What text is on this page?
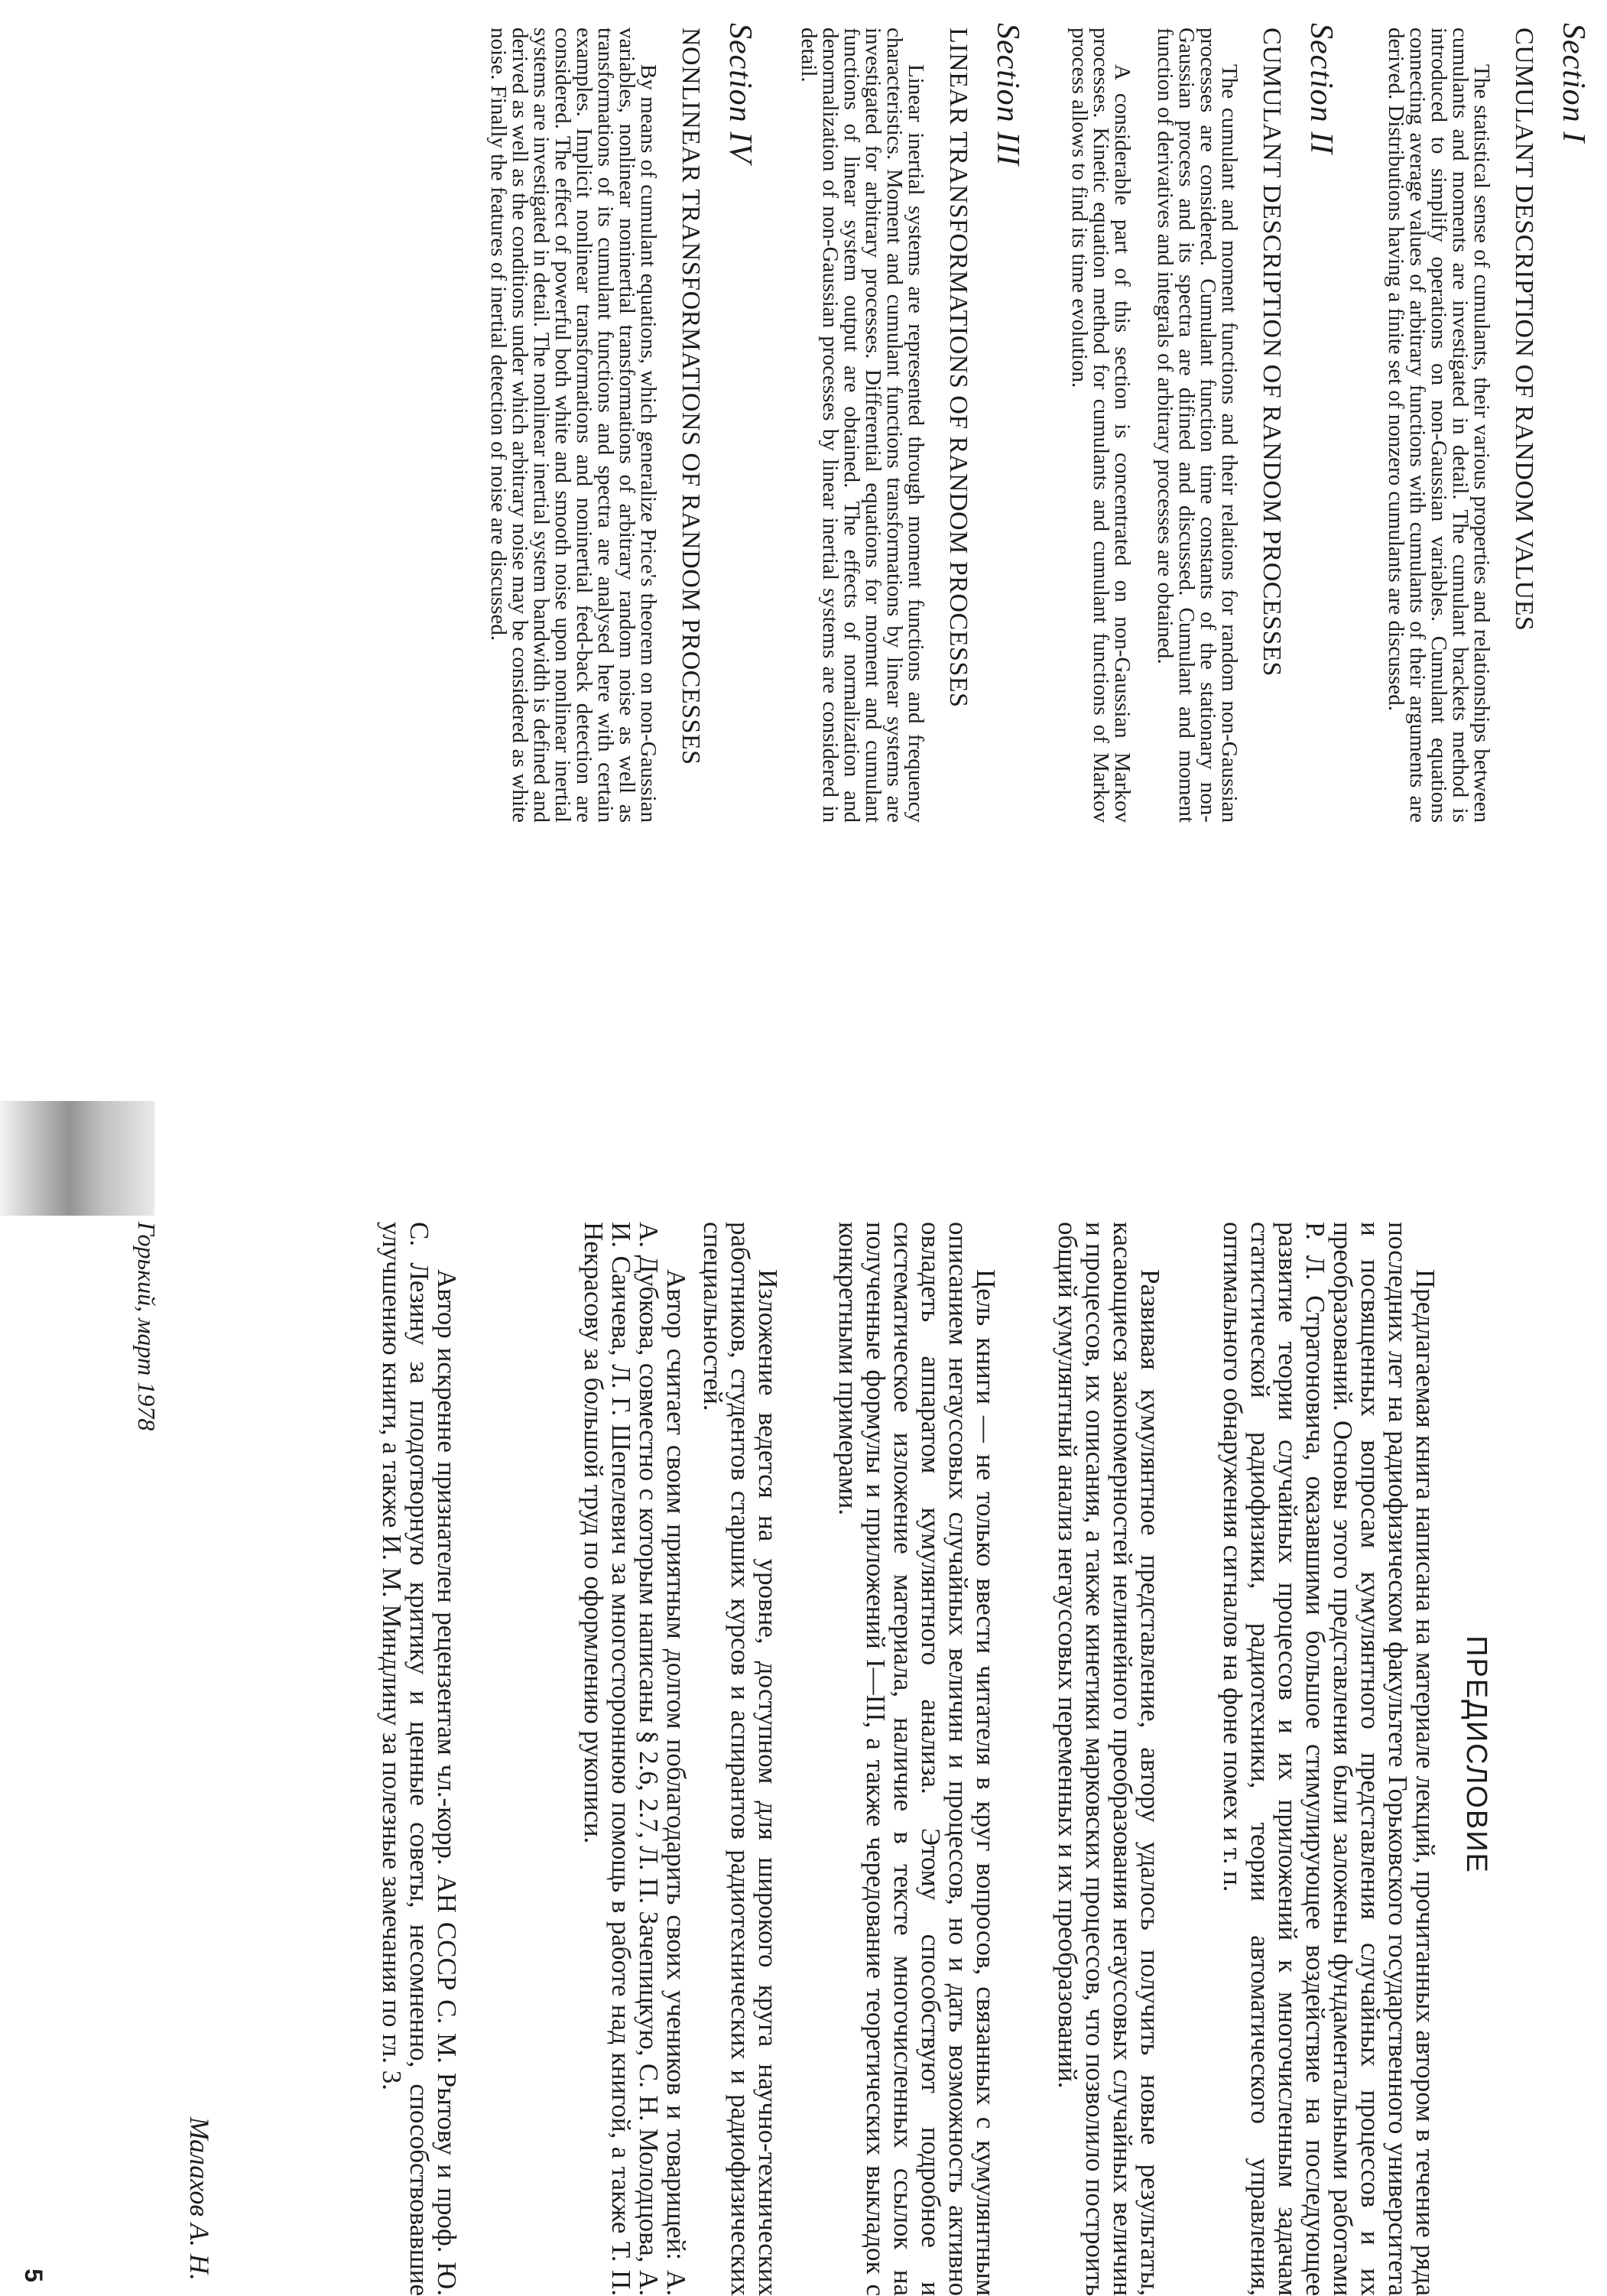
Section I
CUMULANT DESCRIPTION OF RANDOM VALUES

The statistical sense of cumulants, their various properties and relationships between cumulants and moments are investigated in detail. The cumulant brackets method is introduced to simplify operations on non-Gaussian variables. Cumulant equations connecting average values of arbitrary functions with cumulants of their arguments are derived. Distributions having a finite set of nonzero cumulants are discussed.

Section II
CUMULANT DESCRIPTION OF RANDOM PROCESSES

The cumulant and moment functions and their relations for random non-Gaussian processes are considered. Cumulant function time constants of the stationary non-Gaussian process and its spectra are difined and discussed. Cumulant and moment function of derivatives and integrals of arbitrary processes are obtained.

A considerable part of this section is concentrated on non-Gaussian Markov processes. Kinetic equation method for cumulants and cumulant functions of Markov process allows to find its time evolution.

Section III
LINEAR TRANSFORMATIONS OF RANDOM PROCESSES

Linear inertial systems are represented through moment functions and frequency characteristics. Moment and cumulant functions transformations by linear systems are investigated for arbitrary processes. Differential equations for moment and cumulant functions of linear system output are obtained. The effects of normalization and denormalization of non-Gaussian processes by linear inertial systems are considered in detail.

Section IV
NONLINEAR TRANSFORMATIONS OF RANDOM PROCESSES

By means of cumulant equations, which generalize Price's theorem on non-Gaussian variables, nonlinear noninertial transformations of arbitrary random noise as well as transformations of its cumulant functions and spectra are analysed here with certain examples. Implicit nonlinear transformations and noninertial feed-back detection are considered. The effect of powerful both white and smooth noise upon nonlinear inertial systems are investigated in detail. The nonlinear inertial system bandwidth is defined and derived as well as the conditions under which arbitrary noise may be considered as white noise. Finally the features of inertial detection of noise are discussed.

ПРЕДИСЛОВИЕ

Предлагаемая книга написана на материале лекций, прочитанных автором в течение ряда последних лет на радиофизическом факультете Горьковского государственного университета и посвященных вопросам кумулянтного представления случайных процессов и их преобразований. Основы этого представления были заложены фундаментальными работами Р. Л. Стратоновича, оказавшими большое стимулирующее воздействие на последующее развитие теории случайных процессов и их приложений к многочисленным задачам статистической радиофизики, радиотехники, теории автоматического управления, оптимального обнаружения сигналов на фоне помех и т. п.

Развивая кумулянтное представление, автору удалось получить новые результаты, касающиеся закономерностей нелинейного преобразования негауссовых случайных величин и процессов, их описания, а также кинетики марковских процессов, что позволило построить общий кумулянтный анализ негауссовых переменных и их преобразований.

Цель книги — не только ввести читателя в круг вопросов, связанных с кумулянтным описанием негауссовых случайных величин и процессов, но и дать возможность активно овладеть аппаратом кумулянтного анализа. Этому способствуют подробное и систематическое изложение материала, наличие в тексте многочисленных ссылок на полученные формулы и приложений I—III, а также чередование теоретических выкладок с конкретными примерами.

Изложение ведется на уровне, доступном для широкого круга научно-технических работников, студентов старших курсов и аспирантов радиотехнических и радиофизических специальностей.

Автор считает своим приятным долгом поблагодарить своих учеников и товарищей: А. А. Дубкова, совместно с которым написаны § 2.6, 2.7, Л. П. Зачепицкую, С. Н. Молодцова, А. И. Саичева, Л. Г. Шепелевич за многостороннюю помощь в работе над книгой, а также Т. П. Некрасову за большой труд по оформлению рукописи.

Автор искренне признателен рецензентам чл.-корр. АН СССР С. М. Рытову и проф. Ю. С. Лезину за плодотворную критику и ценные советы, несомненно, способствовавшие улучшению книги, а также И. М. Миндлину за полезные замечания по гл. 3.

Малахов А. Н.
Горький, март 1978
5
